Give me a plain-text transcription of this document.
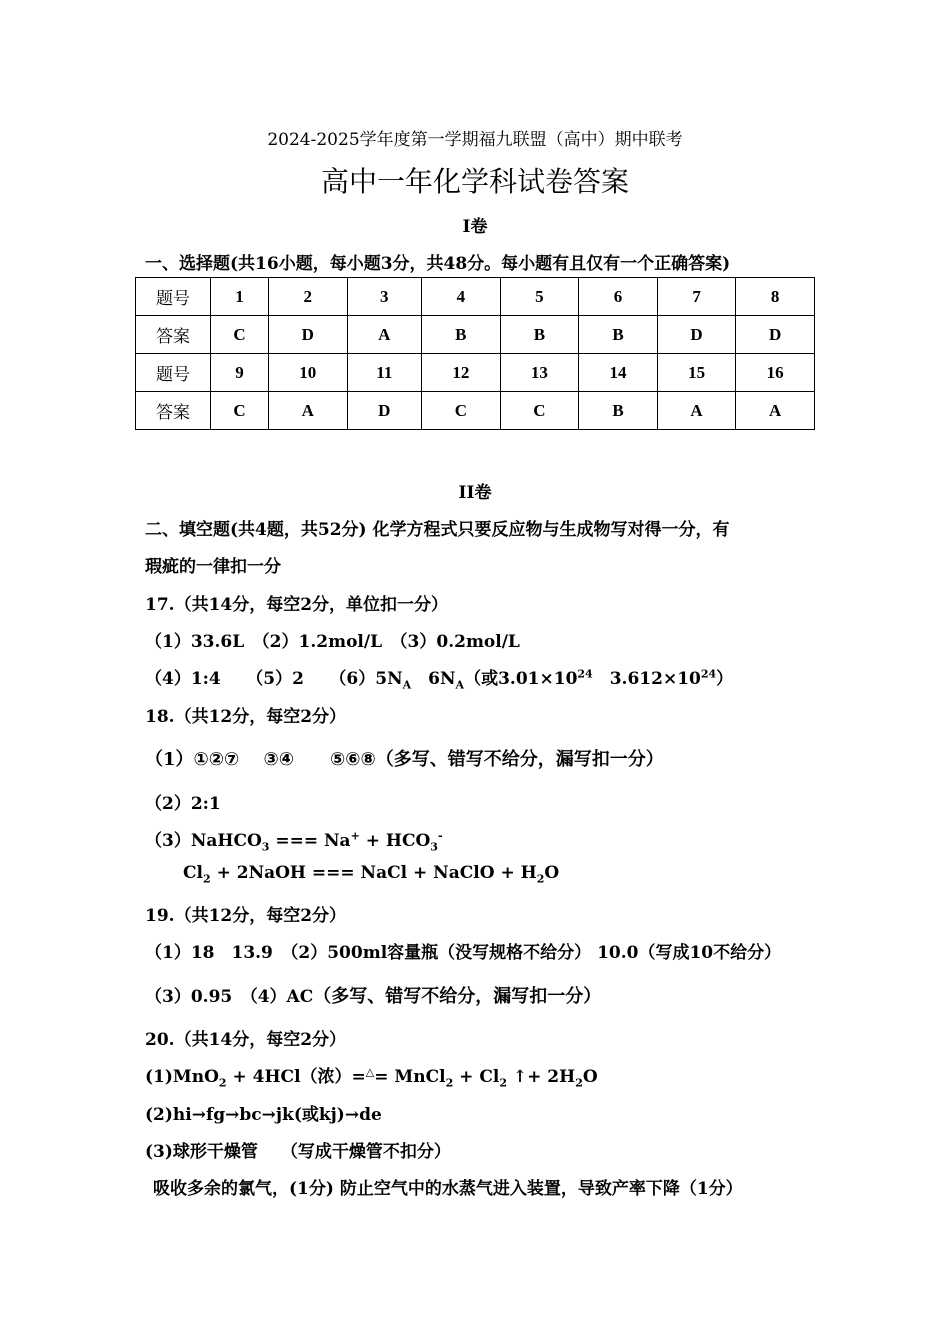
2024-2025学年度第一学期福九联盟（高中）期中联考
高中一年化学科试卷答案
I卷
一、选择题(共16小题，每小题3分，共48分。每小题有且仅有一个正确答案)
题号	1	2	3	4	5	6	7	8
答案	C	D	A	B	B	B	D	D
题号	9	10	11	12	13	14	15	16
答案	C	A	D	C	C	B	A	A
II卷
二、填空题(共4题，共52分) 化学方程式只要反应物与生成物写对得一分，有
瑕疵的一律扣一分
17.（共14分，每空2分，单位扣一分）
（1）33.6L　（2）1.2mol/L　（3）0.2mol/L
（4）1:4　　（5）2　　$(6)5N_A$　$6N_A$（或$3.01\times 10^{24}$　$3.612\times 10^{24}$）
18.（共12分，每空2分）
（1）①②⑦　 ③④　　⑤⑥⑧（多写、错写不给分，漏写扣一分）
（2）2:1
（3）NaHCO$_3$ === $Na^+ + HCO_3^-$
$Cl_2$ + 2NaOH === NaCl + NaClO + $H_2O$
19.（共12分，每空2分）
（1）18　13.9　（2）500ml容量瓶（没写规格不给分） 10.0（写成10不给分）
（3）0.95　（4）AC（多写、错写不给分，漏写扣一分）
20.（共14分，每空2分）
(1)MnO$_2$ + 4HCl（浓）=△= MnCl$_2$ + $Cl_2$ ↑+ $2H_2O$
(2)hi→fg→bc→jk(或kj)→de
(3)球形干燥管　 （写成干燥管不扣分）
吸收多余的氯气，(1分) 防止空气中的水蒸气进入装置，导致产率下降（1分）
